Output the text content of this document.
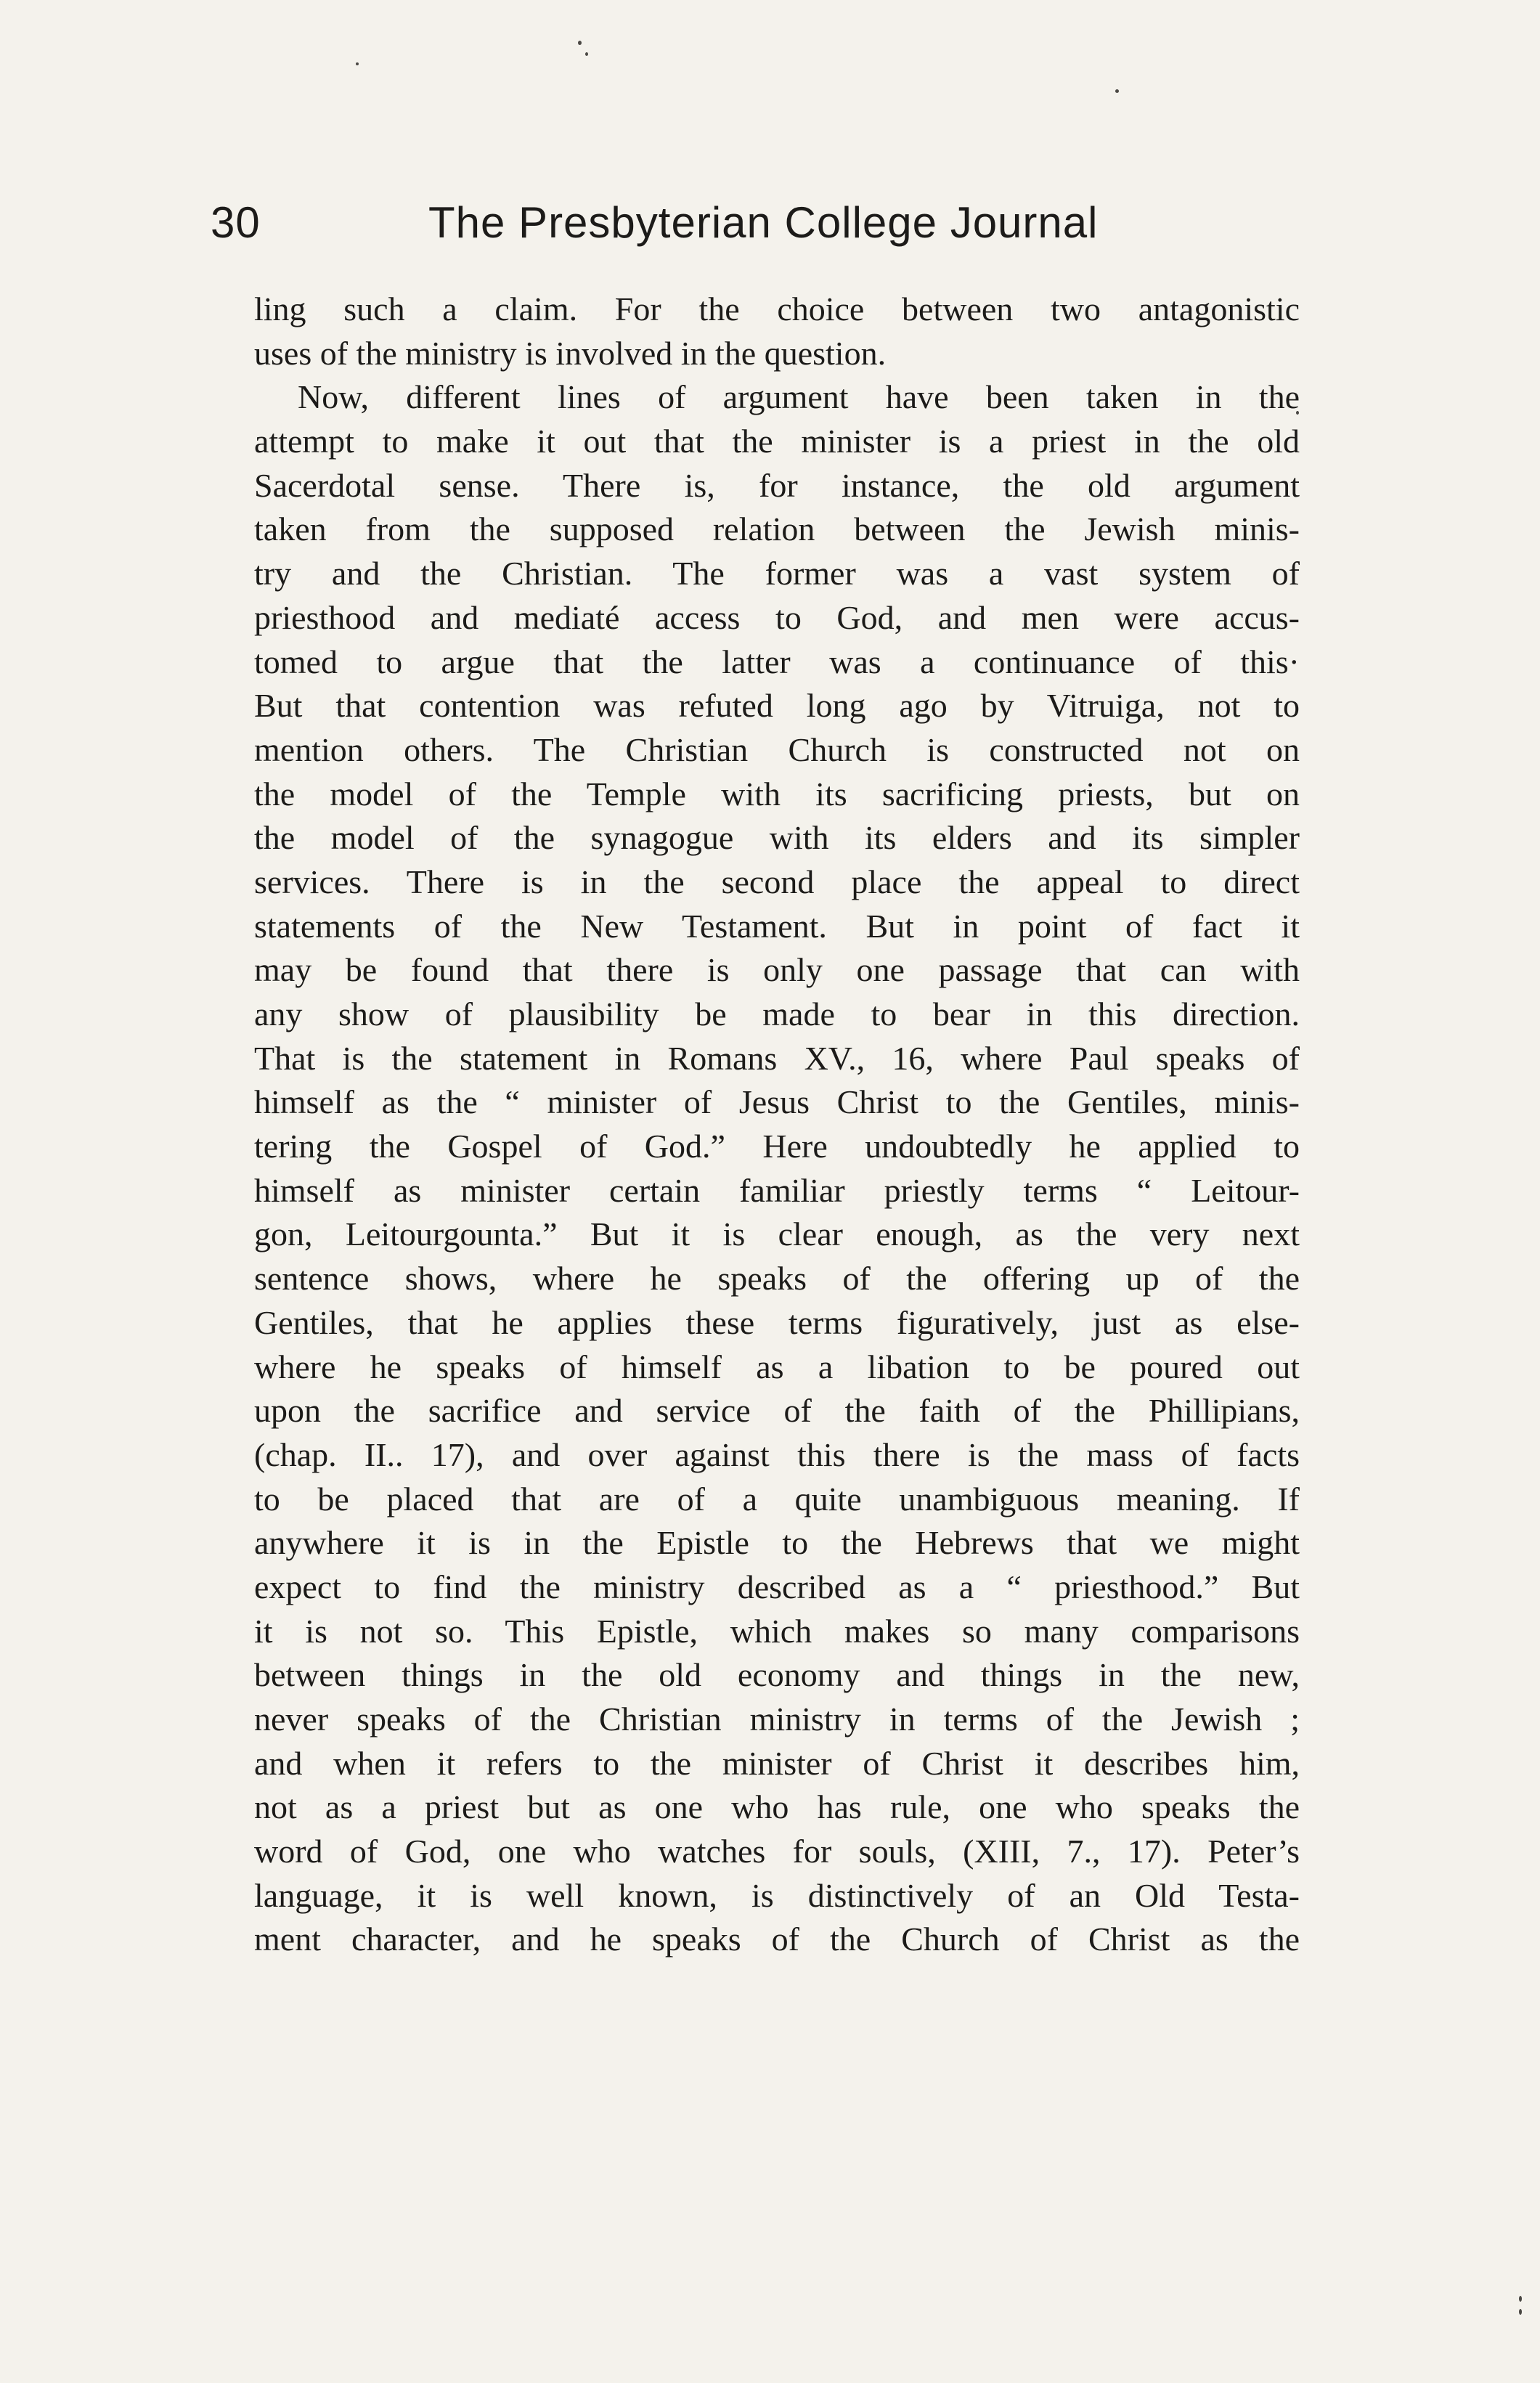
30	The Presbyterian College Journal
ling such a claim. For the choice between two antagonistic
uses of the ministry is involved in the question.
Now, different lines of argument have been taken in the
attempt to make it out that the minister is a priest in the old
Sacerdotal sense. There is, for instance, the old argument
taken from the supposed relation between the Jewish minis-
try and the Christian. The former was a vast system of
priesthood and mediaté access to God, and men were accus-
tomed to argue that the latter was a continuance of this·
But that contention was refuted long ago by Vitruiga, not to
mention others. The Christian Church is constructed not on
the model of the Temple with its sacrificing priests, but on
the model of the synagogue with its elders and its simpler
services. There is in the second place the appeal to direct
statements of the New Testament. But in point of fact it
may be found that there is only one passage that can with
any show of plausibility be made to bear in this direction.
That is the statement in Romans XV., 16, where Paul speaks of
himself as the “ minister of Jesus Christ to the Gentiles, minis-
tering the Gospel of God.” Here undoubtedly he applied to
himself as minister certain familiar priestly terms “ Leitour-
gon, Leitourgounta.” But it is clear enough, as the very next
sentence shows, where he speaks of the offering up of the
Gentiles, that he applies these terms figuratively, just as else-
where he speaks of himself as a libation to be poured out
upon the sacrifice and service of the faith of the Phillipians,
(chap. II.. 17), and over against this there is the mass of facts
to be placed that are of a quite unambiguous meaning. If
anywhere it is in the Epistle to the Hebrews that we might
expect to find the ministry described as a “ priesthood.” But
it is not so. This Epistle, which makes so many comparisons
between things in the old economy and things in the new,
never speaks of the Christian ministry in terms of the Jewish ;
and when it refers to the minister of Christ it describes him,
not as a priest but as one who has rule, one who speaks the
word of God, one who watches for souls, (XIII, 7., 17). Peter’s
language, it is well known, is distinctively of an Old Testa-
ment character, and he speaks of the Church of Christ as the
